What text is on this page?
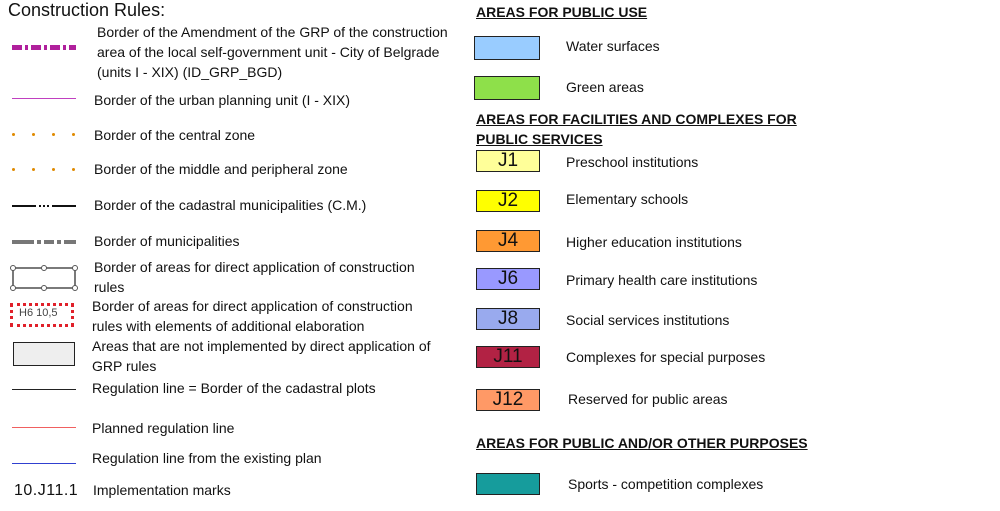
Construction Rules:
Border of the Amendment of the GRP of the construction area of the local self-government unit - City of Belgrade (units I - XIX) (ID_GRP_BGD)
Border of the urban planning unit (I - XIX)
Border of the central zone
Border of the middle and peripheral zone
Border of the cadastral municipalities (C.M.)
Border of municipalities
Border of areas for direct application of construction rules
H6 10,5 Border of areas for direct application of construction rules with elements of additional elaboration
Areas that are not implemented by direct application of GRP rules
Regulation line = Border of the cadastral plots
Planned regulation line
Regulation line from the existing plan
10.J11.1 Implementation marks
AREAS FOR PUBLIC USE
Water surfaces
Green areas
AREAS FOR FACILITIES AND COMPLEXES FOR
PUBLIC SERVICES
J1	Preschool institutions
J2	Elementary schools
J4	Higher education institutions
J6	Primary health care institutions
J8	Social services institutions
J11	Complexes for special purposes
J12	Reserved for public areas
AREAS FOR PUBLIC AND/OR OTHER PURPOSES
Sports - competition complexes
